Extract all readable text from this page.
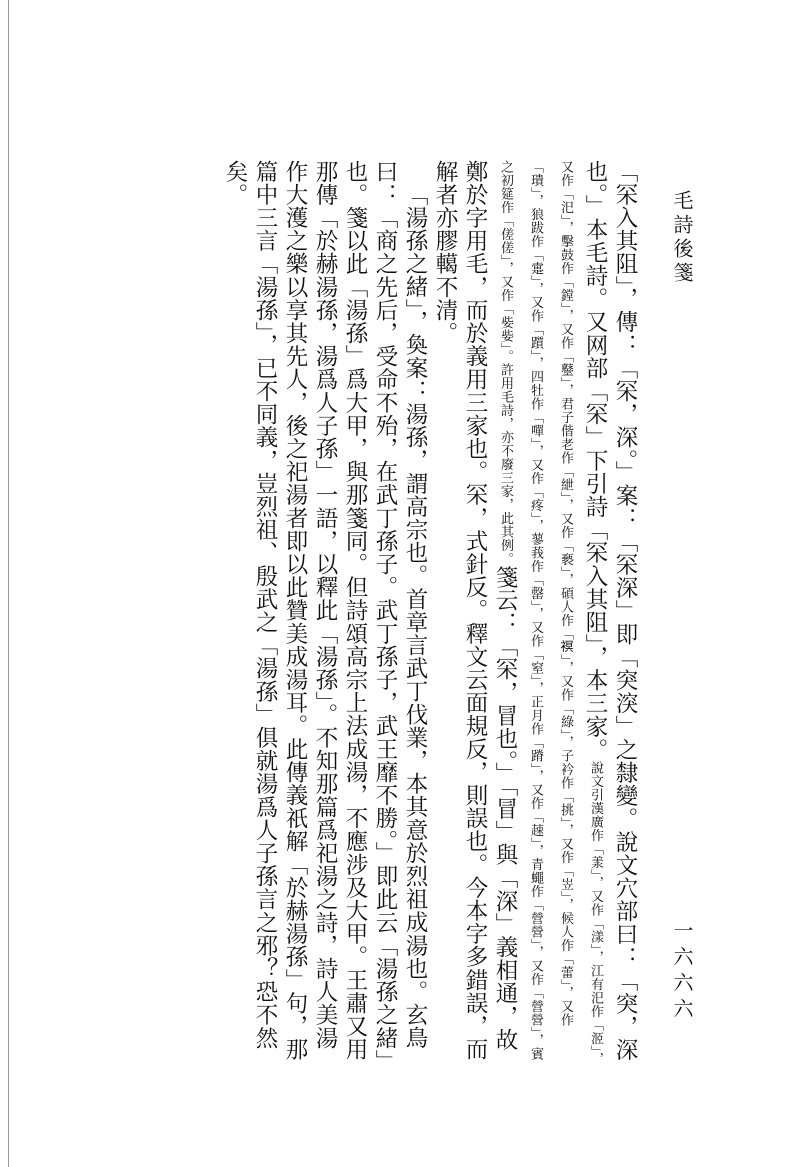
毛詩後箋

「罙入其阻」，傳：「罙，深。」案：「罙深」即「突湥」之隸變。說文穴部曰：「突，深也。」本毛詩。又网部「罙」下引詩「罙入其阻」，本三家。說文引漢廣作「羕」，又作「漾」，江有汜作「洍」，又作「汜」，擊鼓作「鏜」，又作「鼞」，君子偕老作「紲」，又作「褻」，碩人作「𧜀」，又作「綠」，子衿作「挑」，又作「岦」，候人作「蕾」，又作「璝」，狼跋作「疐」，又作「躓」，四牡作「嘽」，又作「疼」，蓼莪作「罄」，又作「窒」，正月作「蹐」，又作「趚」，青蠅作「營營」，又作「營營」，賓之初筵作「傞傞」，又作「姕姕」。許用毛詩，亦不廢三家，此其例。箋云：「罙，冒也。」「冒」與「深」義相通，故鄭於字用毛，而於義用三家也。罙，式針反。釋文云面規反，則誤也。今本字多錯誤，而解者亦膠轕不清。

「湯孫之緒」，奐案：湯孫，謂高宗也。首章言武丁伐業，本其意於烈祖成湯也。玄鳥曰：「商之先后，受命不殆，在武丁孫子。武丁孫子，武王靡不勝。」即此云「湯孫之緒」也。箋以此「湯孫」爲大甲，與那箋同。但詩頌高宗上法成湯，不應涉及大甲。王肅又用那傳「於赫湯孫，湯爲人子孫」一語，以釋此「湯孫」。不知那篇爲祀湯之詩，詩人美湯作大濩之樂以享其先人，後之祀湯者即以此贊美成湯耳。此傳義祇解「於赫湯孫」句，那篇中三言「湯孫」，已不同義，豈烈祖、殷武之「湯孫」俱就湯爲人子孫言之邪？恐不然矣。

一六六六
